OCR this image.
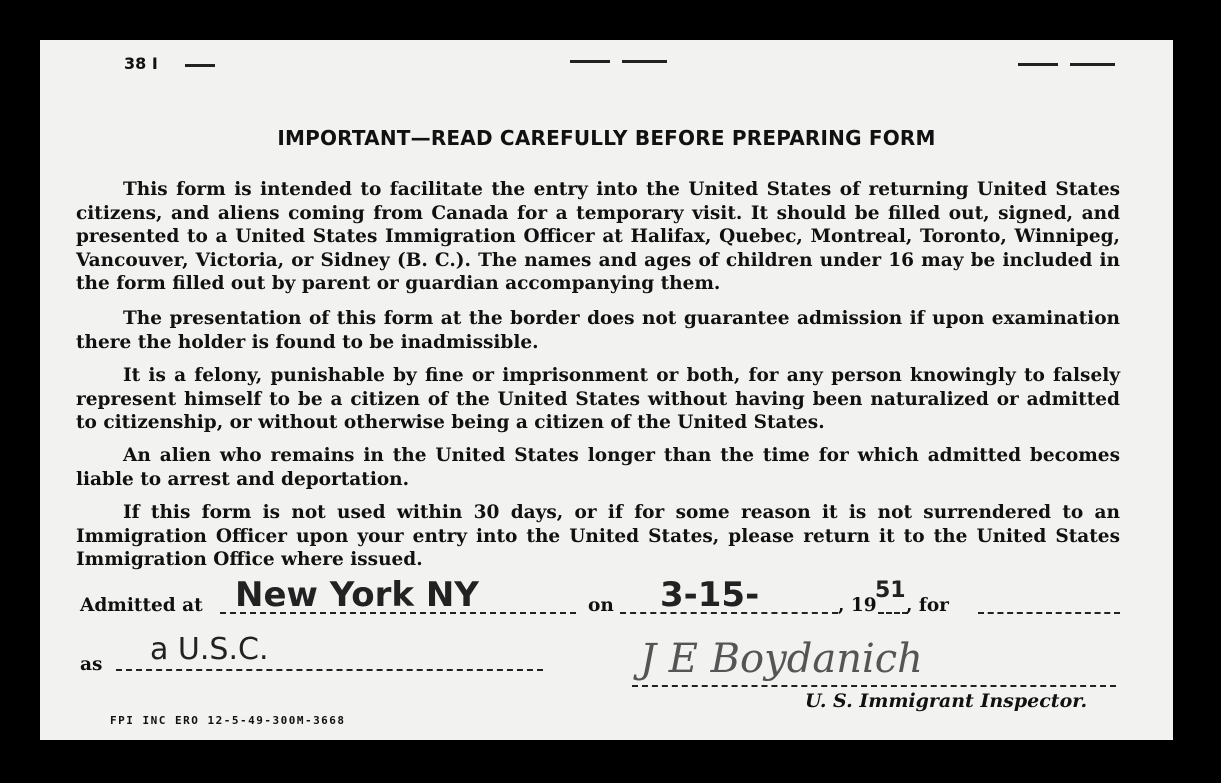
38 I
IMPORTANT—READ CAREFULLY BEFORE PREPARING FORM

This form is intended to facilitate the entry into the United States of returning United States citizens, and aliens coming from Canada for a temporary visit. It should be filled out, signed, and presented to a United States Immigration Officer at Halifax, Quebec, Montreal, Toronto, Winnipeg, Vancouver, Victoria, or Sidney (B. C.). The names and ages of children under 16 may be included in the form filled out by parent or guardian accompanying them.

The presentation of this form at the border does not guarantee admission if upon examination there the holder is found to be inadmissible.

It is a felony, punishable by fine or imprisonment or both, for any person knowingly to falsely represent himself to be a citizen of the United States without having been naturalized or admitted to citizenship, or without otherwise being a citizen of the United States.

An alien who remains in the United States longer than the time for which admitted becomes liable to arrest and deportation.

If this form is not used within 30 days, or if for some reason it is not surrendered to an Immigration Officer upon your entry into the United States, please return it to the United States Immigration Office where issued.

Admitted at New York NY	on 3-15-	, 19
51
, for
as a U.S.C.	J E Boydanich
U. S. Immigrant Inspector.
FPI INC ERO 12-5-49-300M-3668
